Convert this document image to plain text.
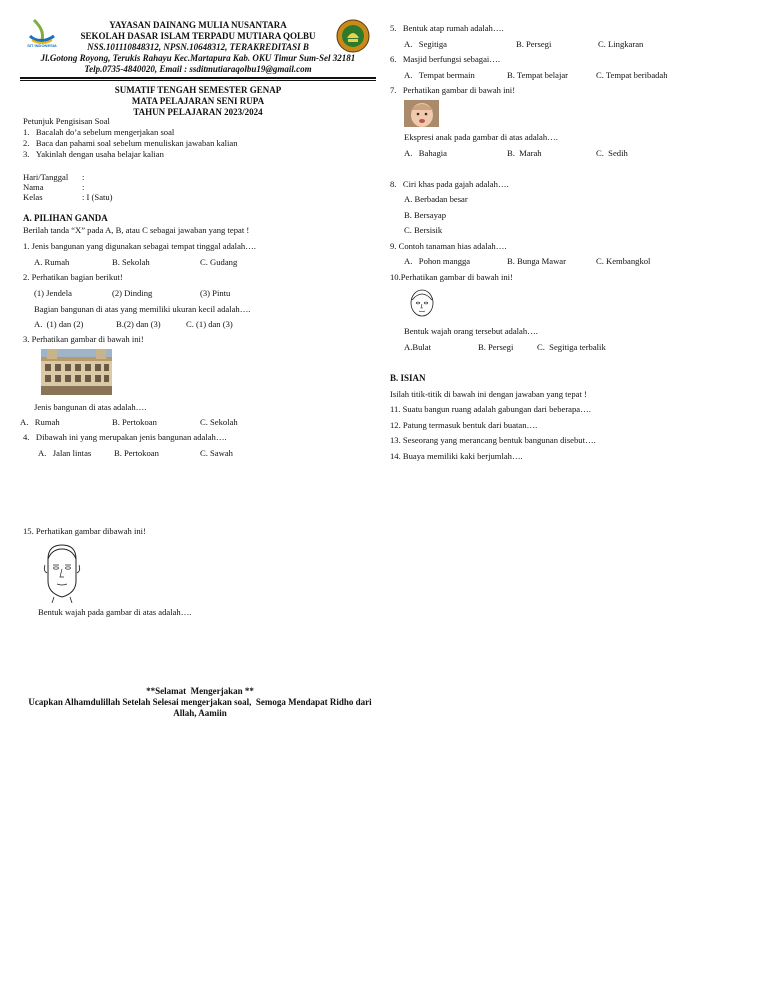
SIT INDONESIA
YAYASAN DAINANG MULIA NUSANTARA
SEKOLAH DASAR ISLAM TERPADU MUTIARA QOLBU
NSS.101110848312, NPSN.10648312, TERAKREDITASI B
Jl.Gotong Royong, Terukis Rahayu Kec.Martapura Kab. OKU Timur Sum-Sel 32181
Telp.0735-4840020, Email : ssditmutiaraqolbu19@gmail.com
SUMATIF TENGAH SEMESTER GENAP
MATA PELAJARAN SENI RUPA
TAHUN PELAJARAN 2023/2024
Petunjuk Pengisisan Soal
1.   Bacalah do’a sebelum mengerjakan soal
2.   Baca dan pahami soal sebelum menuliskan jawaban kalian
3.   Yakinlah dengan usaha belajar kalian
Hari/Tanggal :
Nama	:
Kelas	: I (Satu)
A. PILIHAN GANDA
Berilah tanda “X” pada A, B, atau C sebagai jawaban yang tepat !
1. Jenis bangunan yang digunakan sebagai tempat tinggal adalah….
A. Rumah	B. Sekolah	C. Gudang
2. Perhatikan bagian berikut!
(1) Jendela	(2) Dinding	(3) Pintu
Bagian bangunan di atas yang memiliki ukuran kecil adalah….
A.  (1) dan (2)	B.(2) dan (3)	C. (1) dan (3)
3. Perhatikan gambar di bawah ini!
Jenis bangunan di atas adalah….
A.   Rumah	B. Pertokoan	C. Sekolah
4.   Dibawah ini yang merupakan jenis bangunan adalah….
A.   Jalan lintas	B. Pertokoan	C. Sawah
15. Perhatikan gambar dibawah ini!
Bentuk wajah pada gambar di atas adalah….
**Selamat  Mengerjakan **
Ucapkan Alhamdulillah Setelah Selesai mengerjakan soal,  Semoga Mendapat Ridho dari
Allah, Aamiin
5.   Bentuk atap rumah adalah….
A.   Segitiga	B. Persegi	C. Lingkaran
6.   Masjid berfungsi sebagai….
A.   Tempat bermain	B. Tempat belajar	C. Tempat beribadah
7.   Perhatikan gambar di bawah ini!
Ekspresi anak pada gambar di atas adalah….
A.   Bahagia	B.  Marah	C.  Sedih
8.   Ciri khas pada gajah adalah….
A. Berbadan besar
B. Bersayap
C. Bersisik
9. Contoh tanaman hias adalah….
A.   Pohon mangga	B. Bunga Mawar	C. Kembangkol
10.Perhatikan gambar di bawah ini!
Bentuk wajah orang tersebut adalah….
A.Bulat	B. Persegi	C.  Segitiga terbalik
B. ISIAN
Isilah titik-titik di bawah ini dengan jawaban yang tepat !
11. Suatu bangun ruang adalah gabungan dari beberapa….
12. Patung termasuk bentuk dari buatan….
13. Seseorang yang merancang bentuk bangunan disebut….
14. Buaya memiliki kaki berjumlah….
